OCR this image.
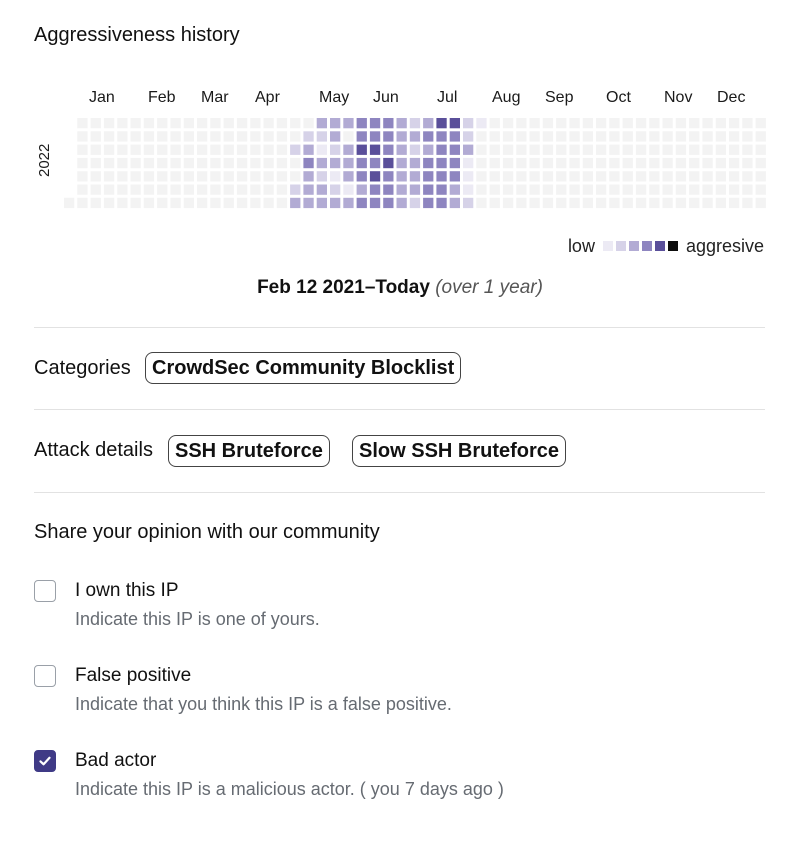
Aggressiveness history
Jan Feb Mar Apr May Jun Jul Aug Sep Oct Nov Dec
2022
low	aggresive
Feb 12 2021–Today (over 1 year)
Categories	CrowdSec Community Blocklist
Attack details	SSH Bruteforce	Slow SSH Bruteforce
Share your opinion with our community
I own this IP
Indicate this IP is one of yours.
False positive
Indicate that you think this IP is a false positive.
Bad actor
Indicate this IP is a malicious actor. ( you 7 days ago )
